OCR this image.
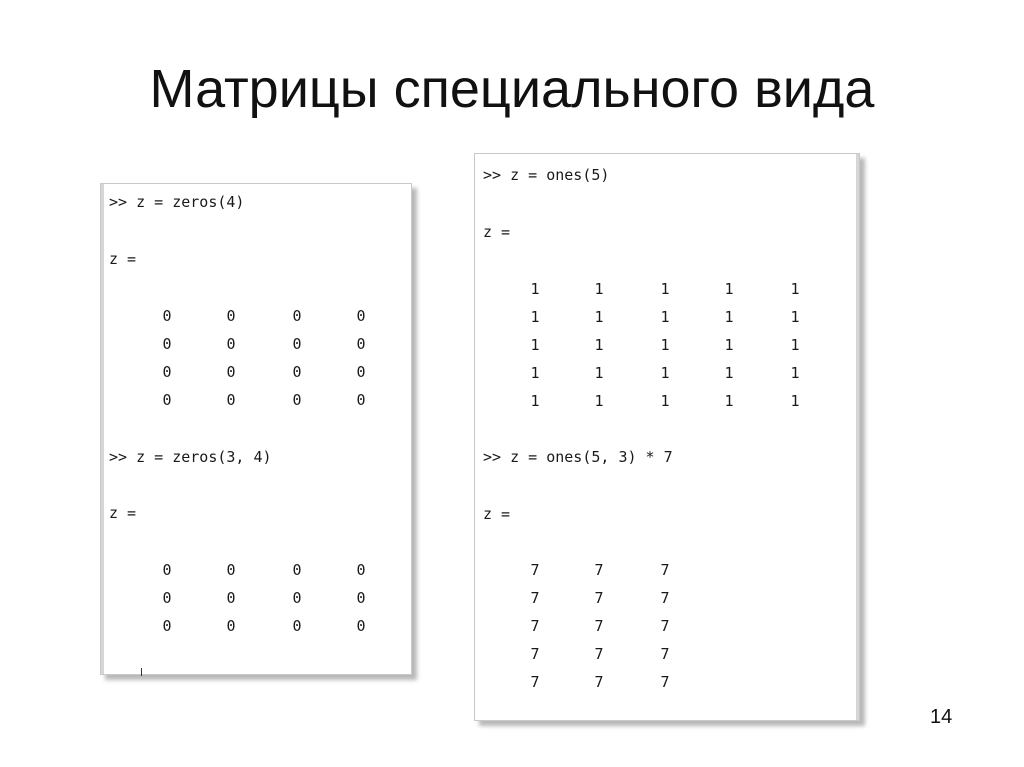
Матрицы специального вида
>> z = zeros(4)
z =
0	0	0	0
0	0	0	0
0	0	0	0
0	0	0	0
>> z = zeros(3, 4)
z =
0	0	0	0
0	0	0	0
0	0	0	0
>> z = ones(5)
z =
1	1	1	1	1
1	1	1	1	1
1	1	1	1	1
1	1	1	1	1
1	1	1	1	1
>> z = ones(5, 3) * 7
z =
7	7	7
7	7	7
7	7	7
7	7	7
7	7	7
14
